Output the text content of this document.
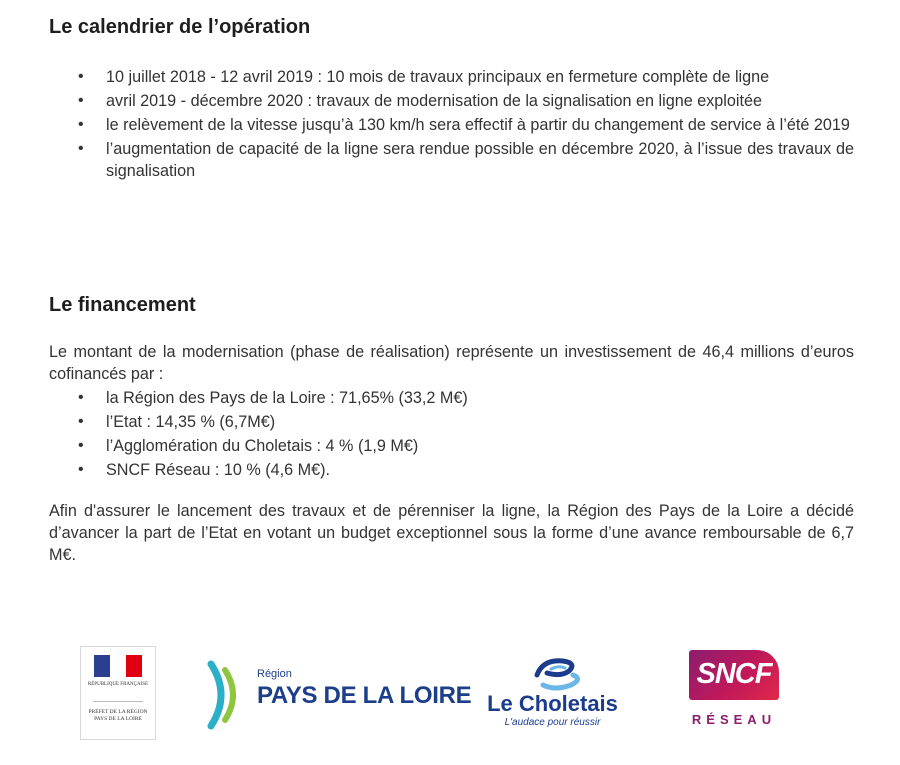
Le calendrier de l’opération
• 10 juillet 2018 - 12 avril 2019 : 10 mois de travaux principaux en fermeture complète de ligne
• avril 2019 - décembre 2020 : travaux de modernisation de la signalisation en ligne exploitée
• le relèvement de la vitesse jusqu’à 130 km/h sera effectif à partir du changement de service à l’été 2019
• l’augmentation de capacité de la ligne sera rendue possible en décembre 2020, à l’issue des travaux de signalisation
Le financement

Le montant de la modernisation (phase de réalisation) représente un investissement de 46,4 millions d’euros cofinancés par :

• la Région des Pays de la Loire : 71,65% (33,2 M€)
• l’Etat : 14,35 % (6,7M€)
• l’Agglomération du Choletais : 4 % (1,9 M€)
• SNCF Réseau : 10 % (4,6 M€).

Afin d'assurer le lancement des travaux et de pérenniser la ligne, la Région des Pays de la Loire a décidé d’avancer la part de l’Etat en votant un budget exceptionnel sous la forme d’une avance remboursable de 6,7 M€.

RÉPUBLIQUE FRANÇAISE
PRÉFET DE LA RÉGION PAYS DE LA LOIRE
Région
PAYS DE LA LOIRE Le Choletais
L'audace pour réussir
SNCF
RÉSEAU
